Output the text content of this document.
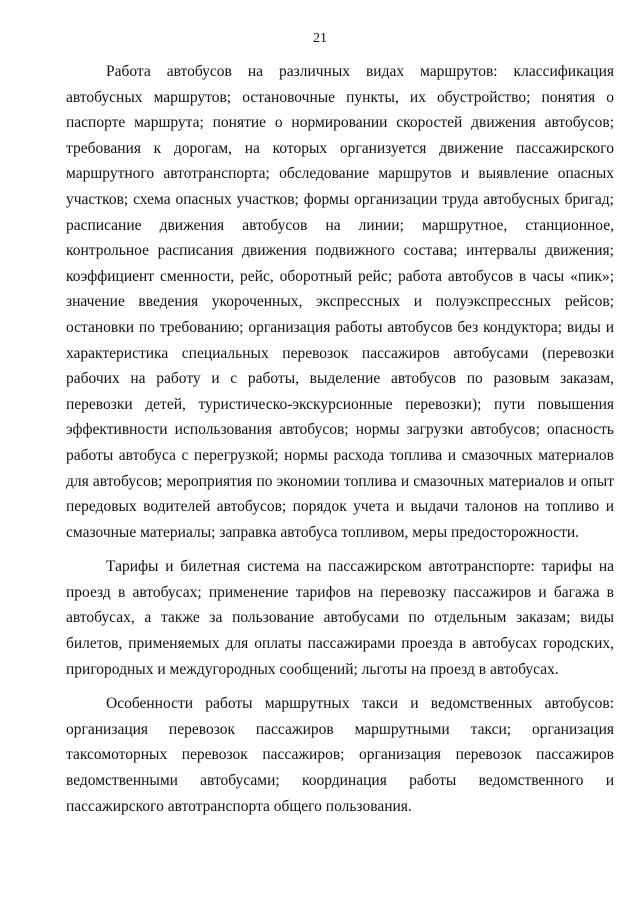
21

Работа автобусов на различных видах маршрутов: классификация автобусных маршрутов; остановочные пункты, их обустройство; понятия о паспорте маршрута; понятие о нормировании скоростей движения автобусов; требования к дорогам, на которых организуется движение пассажирского маршрутного автотранспорта; обследование маршрутов и выявление опасных участков; схема опасных участков; формы организации труда автобусных бригад; расписание движения автобусов на линии; маршрутное, станционное, контрольное расписания движения подвижного состава; интервалы движения; коэффициент сменности, рейс, оборотный рейс; работа автобусов в часы «пик»; значение введения укороченных, экспрессных и полуэкспрессных рейсов; остановки по требованию; организация работы автобусов без кондуктора; виды и характеристика специальных перевозок пассажиров автобусами (перевозки рабочих на работу и с работы, выделение автобусов по разовым заказам, перевозки детей, туристическо-экскурсионные перевозки); пути повышения эффективности использования автобусов; нормы загрузки автобусов; опасность работы автобуса с перегрузкой; нормы расхода топлива и смазочных материалов для автобусов; мероприятия по экономии топлива и смазочных материалов и опыт передовых водителей автобусов; порядок учета и выдачи талонов на топливо и смазочные материалы; заправка автобуса топливом, меры предосторожности.

Тарифы и билетная система на пассажирском автотранспорте: тарифы на проезд в автобусах; применение тарифов на перевозку пассажиров и багажа в автобусах, а также за пользование автобусами по отдельным заказам; виды билетов, применяемых для оплаты пассажирами проезда в автобусах городских, пригородных и междугородных сообщений; льготы на проезд в автобусах.

Особенности работы маршрутных такси и ведомственных автобусов: организация перевозок пассажиров маршрутными такси; организация таксомоторных перевозок пассажиров; организация перевозок пассажиров ведомственными автобусами; координация работы ведомственного и пассажирского автотранспорта общего пользования.
